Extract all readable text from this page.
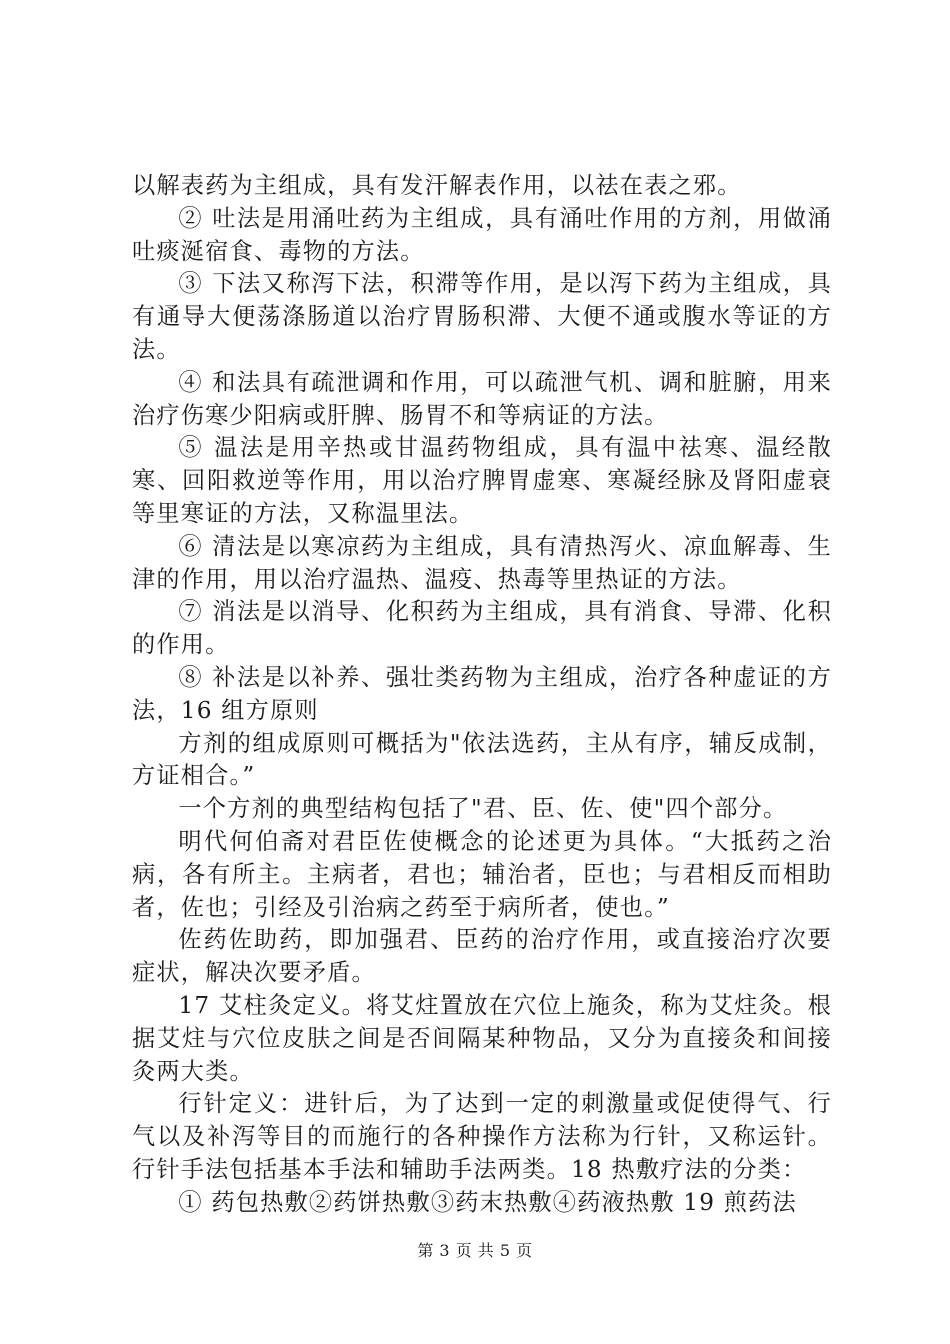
以解表药为主组成，具有发汗解表作用，以祛在表之邪。

② 吐法是用涌吐药为主组成，具有涌吐作用的方剂，用做涌吐痰涎宿食、毒物的方法。

③ 下法又称泻下法，积滞等作用，是以泻下药为主组成，具有通导大便荡涤肠道以治疗胃肠积滞、大便不通或腹水等证的方法。

④ 和法具有疏泄调和作用，可以疏泄气机、调和脏腑，用来治疗伤寒少阳病或肝脾、肠胃不和等病证的方法。

⑤ 温法是用辛热或甘温药物组成，具有温中祛寒、温经散寒、回阳救逆等作用，用以治疗脾胃虚寒、寒凝经脉及肾阳虚衰等里寒证的方法，又称温里法。

⑥ 清法是以寒凉药为主组成，具有清热泻火、凉血解毒、生津的作用，用以治疗温热、温疫、热毒等里热证的方法。

⑦ 消法是以消导、化积药为主组成，具有消食、导滞、化积的作用。

⑧ 补法是以补养、强壮类药物为主组成，治疗各种虚证的方法，16 组方原则

方剂的组成原则可概括为"依法选药，主从有序，辅反成制，方证相合。”

一个方剂的典型结构包括了"君、臣、佐、使"四个部分。

明代何伯斋对君臣佐使概念的论述更为具体。“大抵药之治病，各有所主。主病者，君也；辅治者，臣也；与君相反而相助者，佐也；引经及引治病之药至于病所者，使也。”

佐药佐助药，即加强君、臣药的治疗作用，或直接治疗次要症状，解决次要矛盾。

17 艾柱灸定义。将艾炷置放在穴位上施灸，称为艾炷灸。根据艾炷与穴位皮肤之间是否间隔某种物品，又分为直接灸和间接灸两大类。

行针定义：进针后，为了达到一定的刺激量或促使得气、行气以及补泻等目的而施行的各种操作方法称为行针，又称运针。行针手法包括基本手法和辅助手法两类。18 热敷疗法的分类：

① 药包热敷②药饼热敷③药末热敷④药液热敷 19 煎药法

第 3 页 共 5 页
